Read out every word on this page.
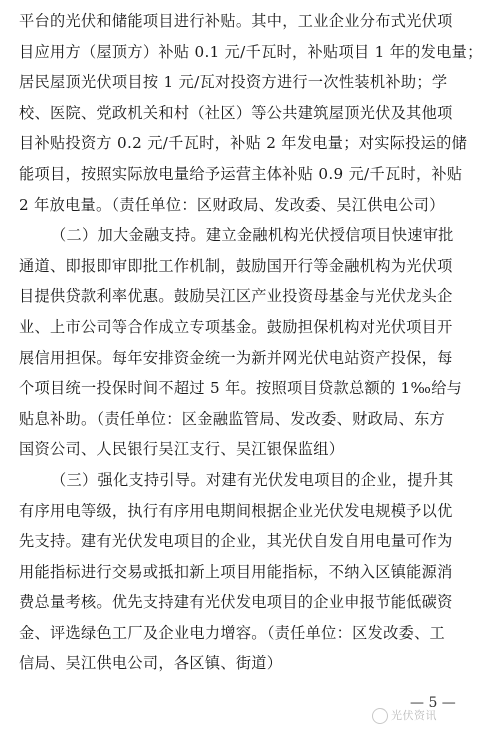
平台的光伏和储能项目进行补贴。其中，工业企业分布式光伏项
目应用方（屋顶方）补贴 0.1 元/千瓦时，补贴项目 1 年的发电量；
居民屋顶光伏项目按 1 元/瓦对投资方进行一次性装机补助；学
校、医院、党政机关和村（社区）等公共建筑屋顶光伏及其他项
目补贴投资方 0.2 元/千瓦时，补贴 2 年发电量；对实际投运的储
能项目，按照实际放电量给予运营主体补贴 0.9 元/千瓦时，补贴
2 年放电量。（责任单位：区财政局、发改委、吴江供电公司）
（二）加大金融支持。建立金融机构光伏授信项目快速审批
通道、即报即审即批工作机制，鼓励国开行等金融机构为光伏项
目提供贷款利率优惠。鼓励吴江区产业投资母基金与光伏龙头企
业、上市公司等合作成立专项基金。鼓励担保机构对光伏项目开
展信用担保。每年安排资金统一为新并网光伏电站资产投保，每
个项目统一投保时间不超过 5 年。按照项目贷款总额的 1‰给与
贴息补助。（责任单位：区金融监管局、发改委、财政局、东方
国资公司、人民银行吴江支行、吴江银保监组）
（三）强化支持引导。对建有光伏发电项目的企业，提升其
有序用电等级，执行有序用电期间根据企业光伏发电规模予以优
先支持。建有光伏发电项目的企业，其光伏自发自用电量可作为
用能指标进行交易或抵扣新上项目用能指标，不纳入区镇能源消
费总量考核。优先支持建有光伏发电项目的企业申报节能低碳资
金、评选绿色工厂及企业电力增容。（责任单位：区发改委、工
信局、吴江供电公司，各区镇、街道）
— 5 —
光伏资讯
